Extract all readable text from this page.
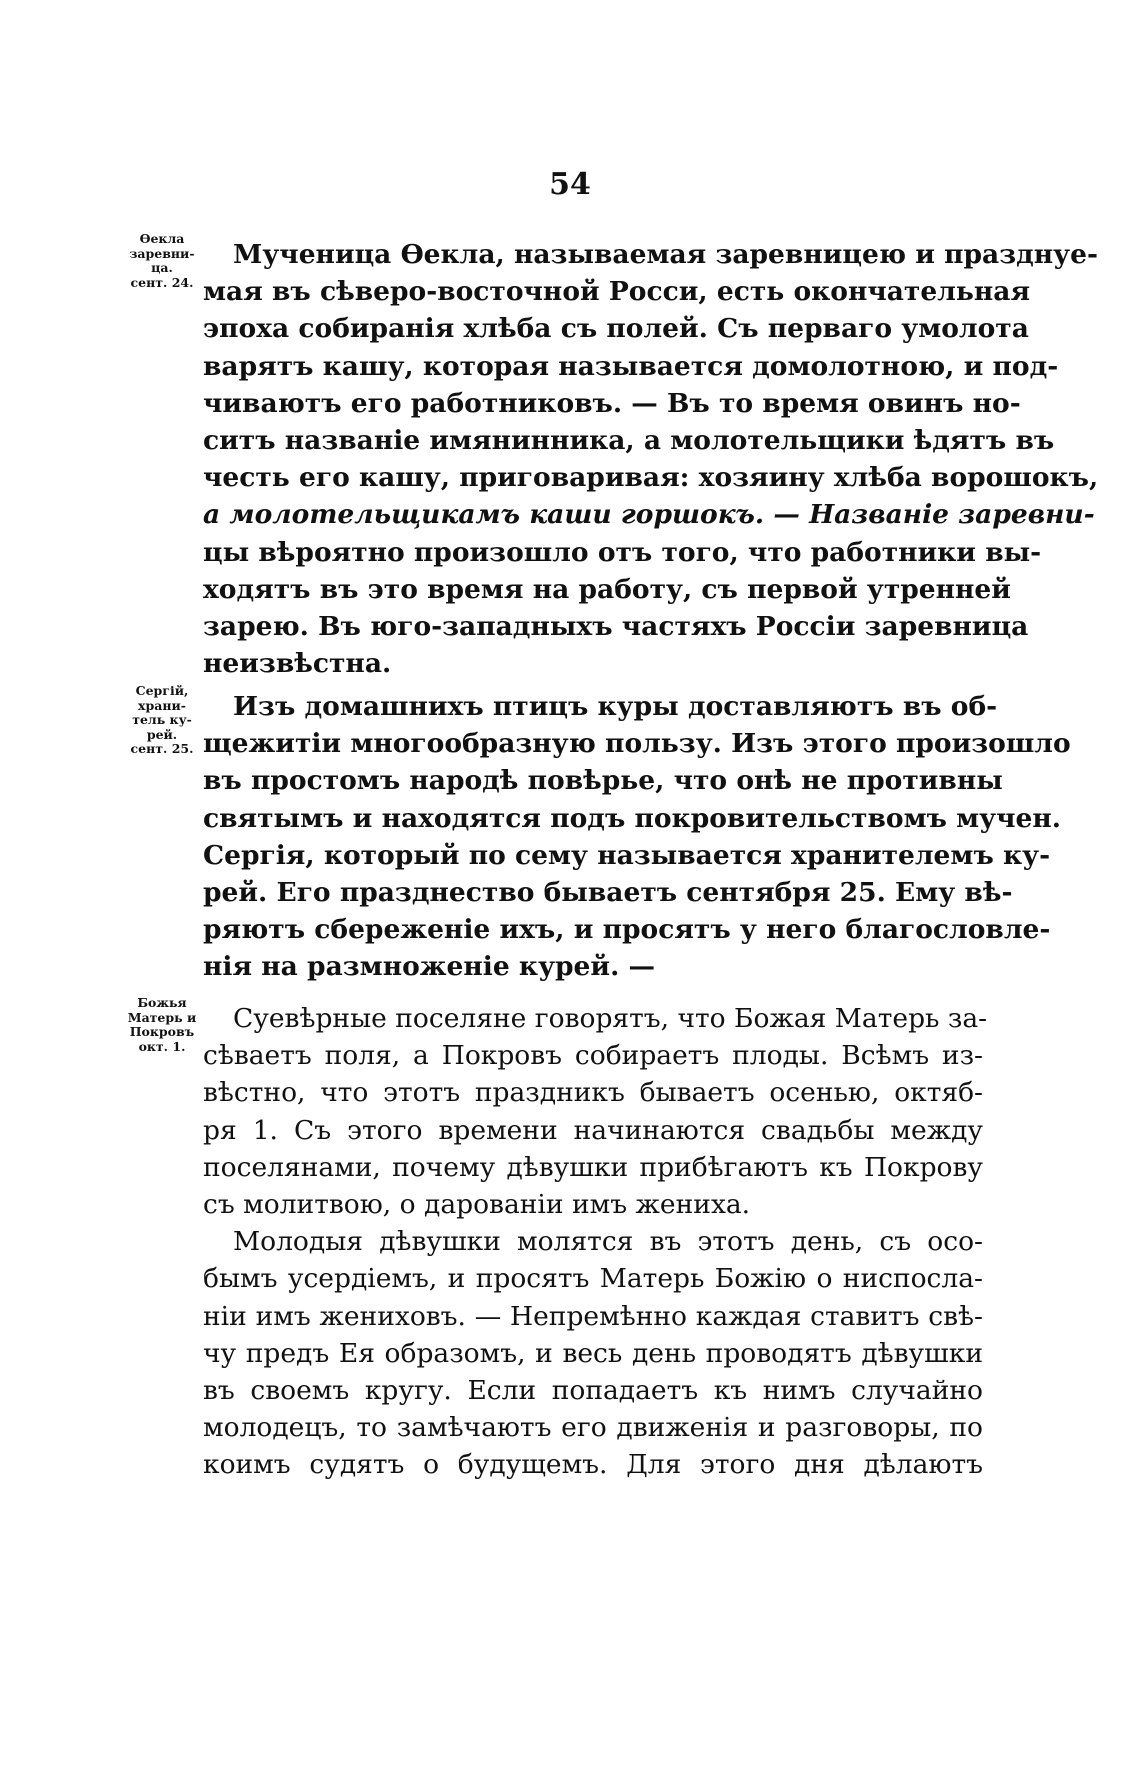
54
Өекла
заревни-
ца.
сент. 24.
Мученица Өекла, называемая заревницею и празднуе-
мая въ сѣверо-восточной Росси, есть окончательная
эпоха собиранія хлѣба съ полей. Съ перваго умолота
варятъ кашу, которая называется домолотною, и под-
чиваютъ его работниковъ. — Въ то время овинъ но-
ситъ названіе имянинника, а молотельщики ѣдятъ въ
честь его кашу, приговаривая: хозяину хлѣба ворошокъ,
а молотельщикамъ каши горшокъ. — Названіе заревни-
цы вѣроятно произошло отъ того, что работники вы-
ходятъ въ это время на работу, съ первой утренней
зарею. Въ юго-западныхъ частяхъ Россіи заревница
неизвѣстна.
Сергій,
храни-
тель ку-
рей.
сент. 25.
Изъ домашнихъ птицъ куры доставляютъ въ об-
щежитіи многообразную пользу. Изъ этого произошло
въ простомъ народѣ повѣрье, что онѣ не противны
святымъ и находятся подъ покровительствомъ мучен.
Сергія, который по сему называется хранителемъ ку-
рей. Его празднество бываетъ сентября 25. Ему вѣ-
ряютъ сбереженіе ихъ, и просятъ у него благословле-
нія на размноженіе курей. —
Божья
Матерь и
Покровъ
окт. 1.
Суевѣрные поселяне говорятъ, что Божая Матерь за-
сѣваетъ поля, а Покровъ собираетъ плоды. Всѣмъ из-
вѣстно, что этотъ праздникъ бываетъ осенью, октяб-
ря 1. Съ этого времени начинаются свадьбы между
поселянами, почему дѣвушки прибѣгаютъ къ Покрову
съ молитвою, о дарованіи имъ жениха.
Молодыя дѣвушки молятся въ этотъ день, съ осо-
бымъ усердіемъ, и просятъ Матерь Божію о ниспосла-
ніи имъ жениховъ. — Непремѣнно каждая ставитъ свѣ-
чу предъ Ея образомъ, и весь день проводятъ дѣвушки
въ своемъ кругу. Если попадаетъ къ нимъ случайно
молодецъ, то замѣчаютъ его движенія и разговоры, по
коимъ судятъ о будущемъ. Для этого дня дѣлаютъ
